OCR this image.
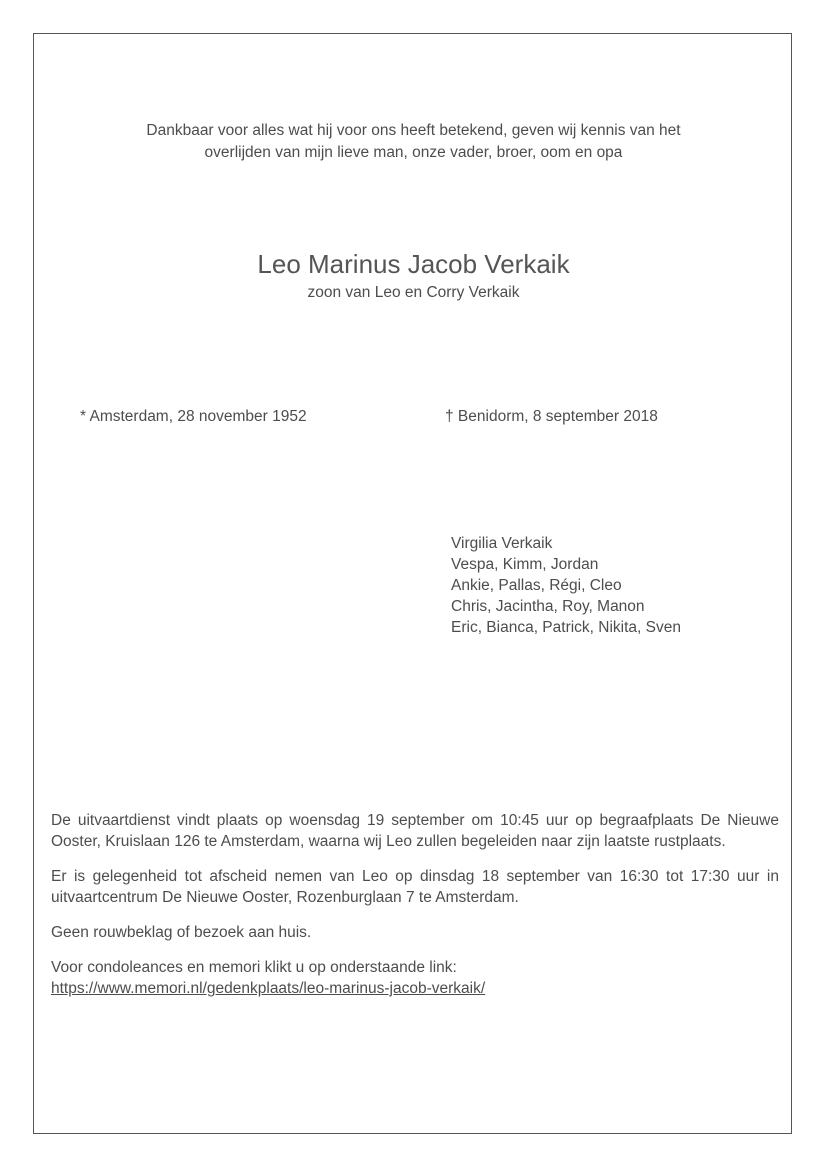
Dankbaar voor alles wat hij voor ons heeft betekend, geven wij kennis van het
overlijden van mijn lieve man, onze vader, broer, oom en opa
Leo Marinus Jacob Verkaik
zoon van Leo en Corry Verkaik
* Amsterdam, 28 november 1952	† Benidorm, 8 september 2018
Virgilia Verkaik
Vespa, Kimm, Jordan
Ankie, Pallas, Régi, Cleo
Chris, Jacintha, Roy, Manon
Eric, Bianca, Patrick, Nikita, Sven

De uitvaartdienst vindt plaats op woensdag 19 september om 10:45 uur op begraafplaats De Nieuwe Ooster, Kruislaan 126 te Amsterdam, waarna wij Leo zullen begeleiden naar zijn laatste rustplaats.

Er is gelegenheid tot afscheid nemen van Leo op dinsdag 18 september van 16:30 tot 17:30 uur in uitvaartcentrum De Nieuwe Ooster, Rozenburglaan 7 te Amsterdam.

Geen rouwbeklag of bezoek aan huis.

Voor condoleances en memori klikt u op onderstaande link:
https://www.memori.nl/gedenkplaats/leo-marinus-jacob-verkaik/
